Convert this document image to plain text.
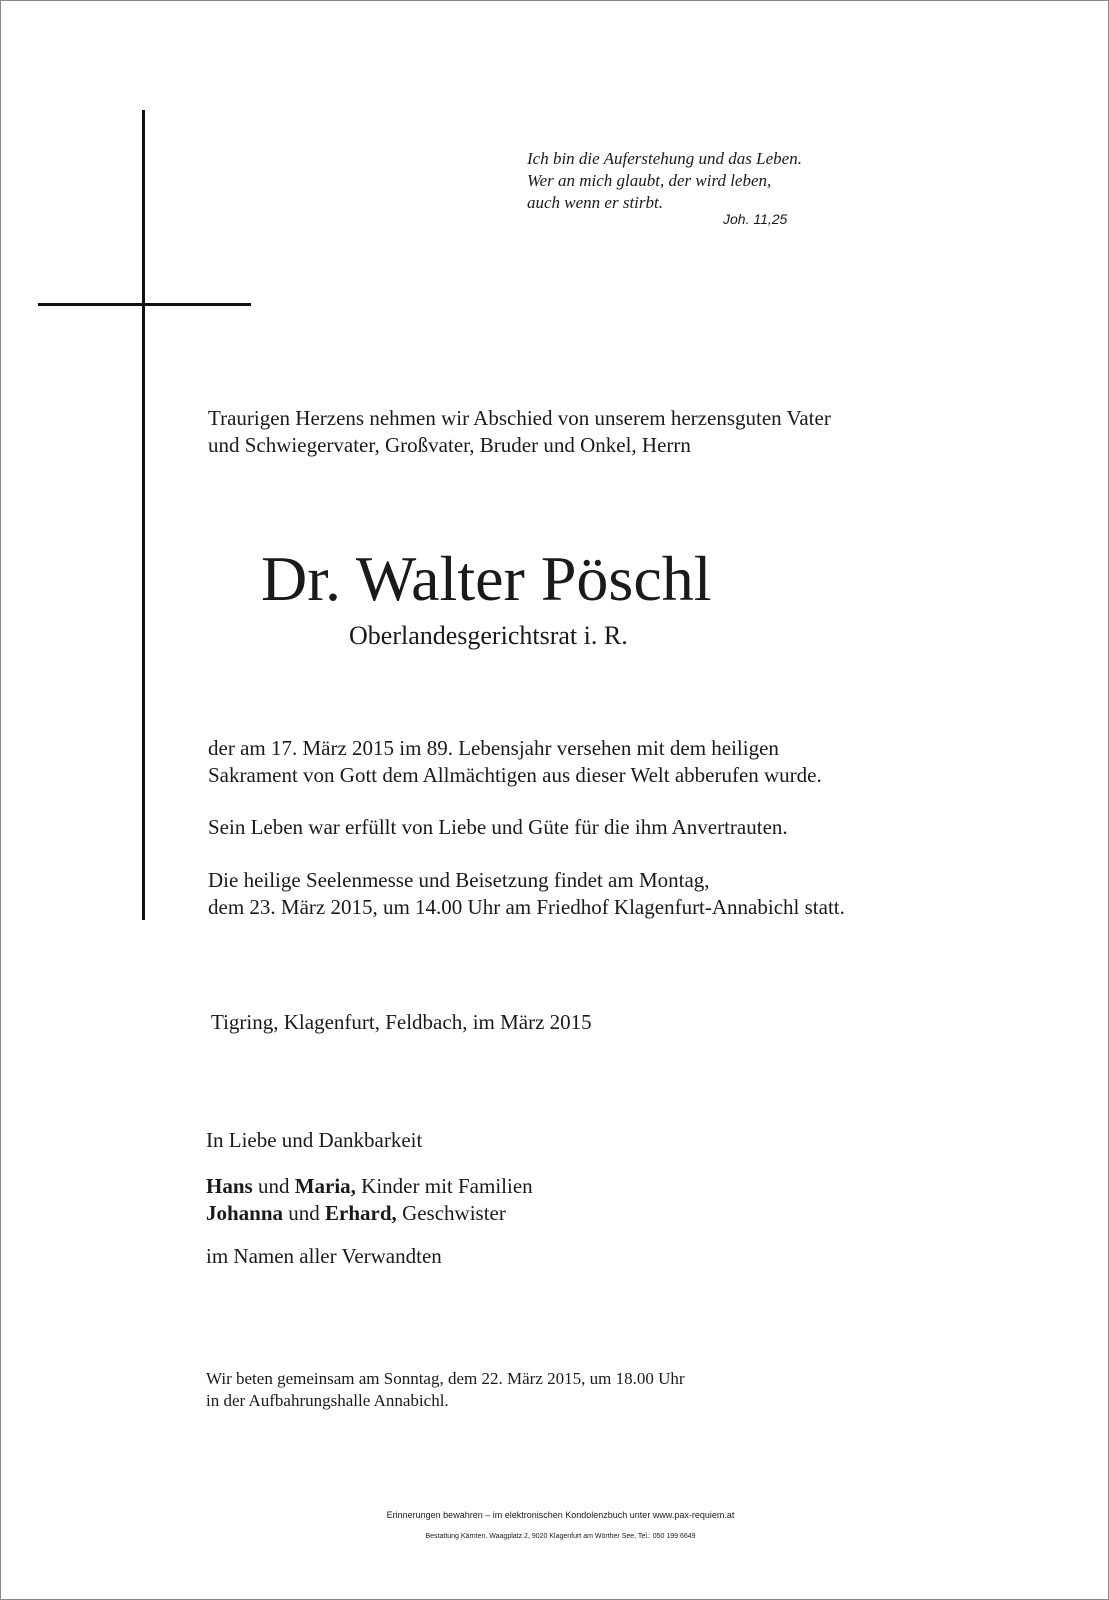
Ich bin die Auferstehung und das Leben.
Wer an mich glaubt, der wird leben,
auch wenn er stirbt.
Joh. 11,25
Traurigen Herzens nehmen wir Abschied von unserem herzensguten Vater
und Schwiegervater, Großvater, Bruder und Onkel, Herrn
Dr. Walter Pöschl
Oberlandesgerichtsrat i. R.
der am 17. März 2015 im 89. Lebensjahr versehen mit dem heiligen
Sakrament von Gott dem Allmächtigen aus dieser Welt abberufen wurde.
Sein Leben war erfüllt von Liebe und Güte für die ihm Anvertrauten.
Die heilige Seelenmesse und Beisetzung findet am Montag,
dem 23. März 2015, um 14.00 Uhr am Friedhof Klagenfurt-Annabichl statt.
Tigring, Klagenfurt, Feldbach, im März 2015
In Liebe und Dankbarkeit
Hans und Maria, Kinder mit Familien
Johanna und Erhard, Geschwister
im Namen aller Verwandten
Wir beten gemeinsam am Sonntag, dem 22. März 2015, um 18.00 Uhr
in der Aufbahrungshalle Annabichl.
Erinnerungen bewahren – im elektronischen Kondolenzbuch unter www.pax-requiem.at
Bestattung Kärnten, Waagplatz 2, 9020 Klagenfurt am Wörther See, Tel.: 050 199 6649
